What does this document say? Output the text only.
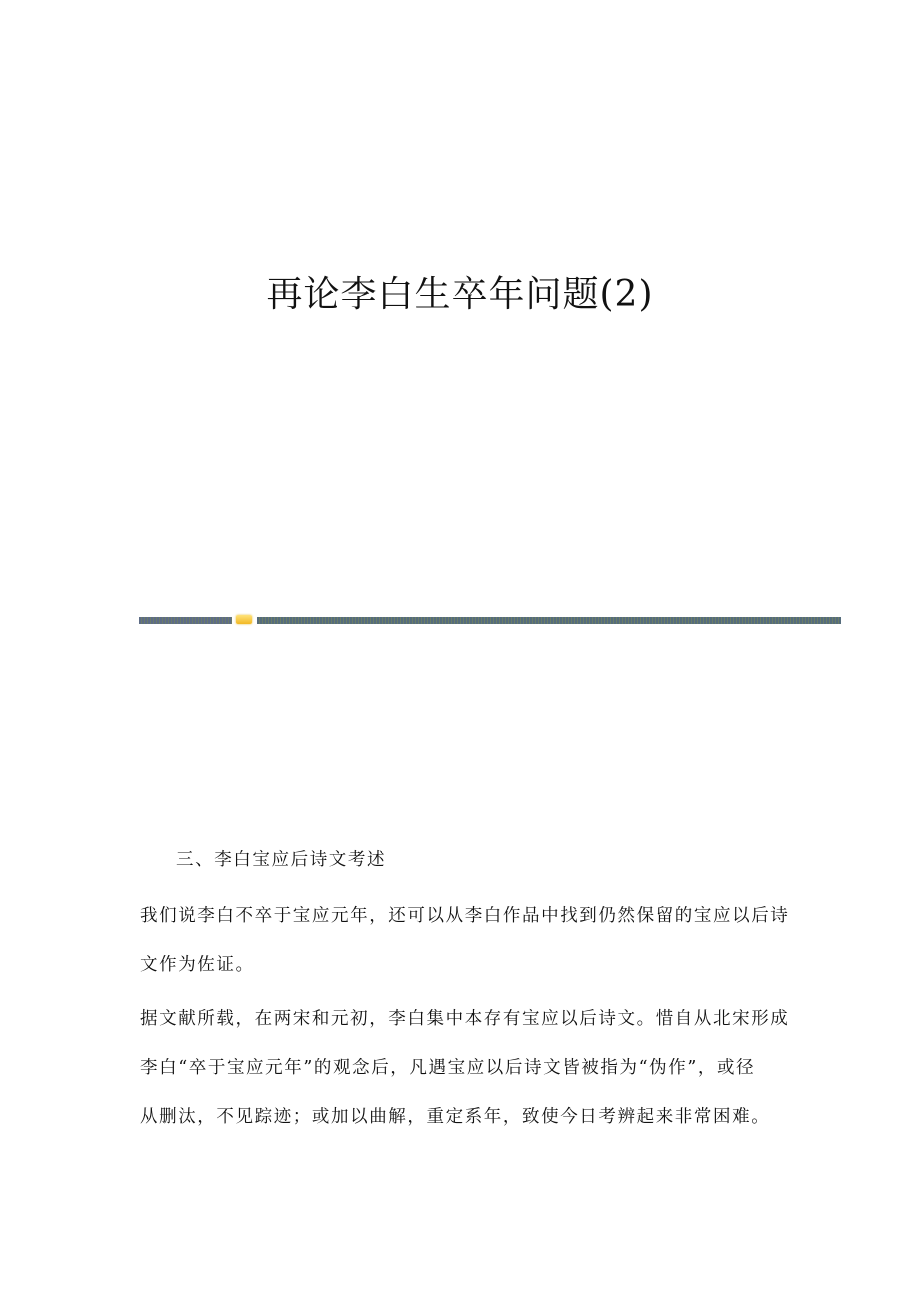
再论李白生卒年问题(2)
三、李白宝应后诗文考述
我们说李白不卒于宝应元年，还可以从李白作品中找到仍然保留的宝应以后诗
文作为佐证。
据文献所载，在两宋和元初，李白集中本存有宝应以后诗文。惜自从北宋形成
李白“卒于宝应元年”的观念后，凡遇宝应以后诗文皆被指为“伪作”，或径
从删汰，不见踪迹；或加以曲解，重定系年，致使今日考辨起来非常困难。
